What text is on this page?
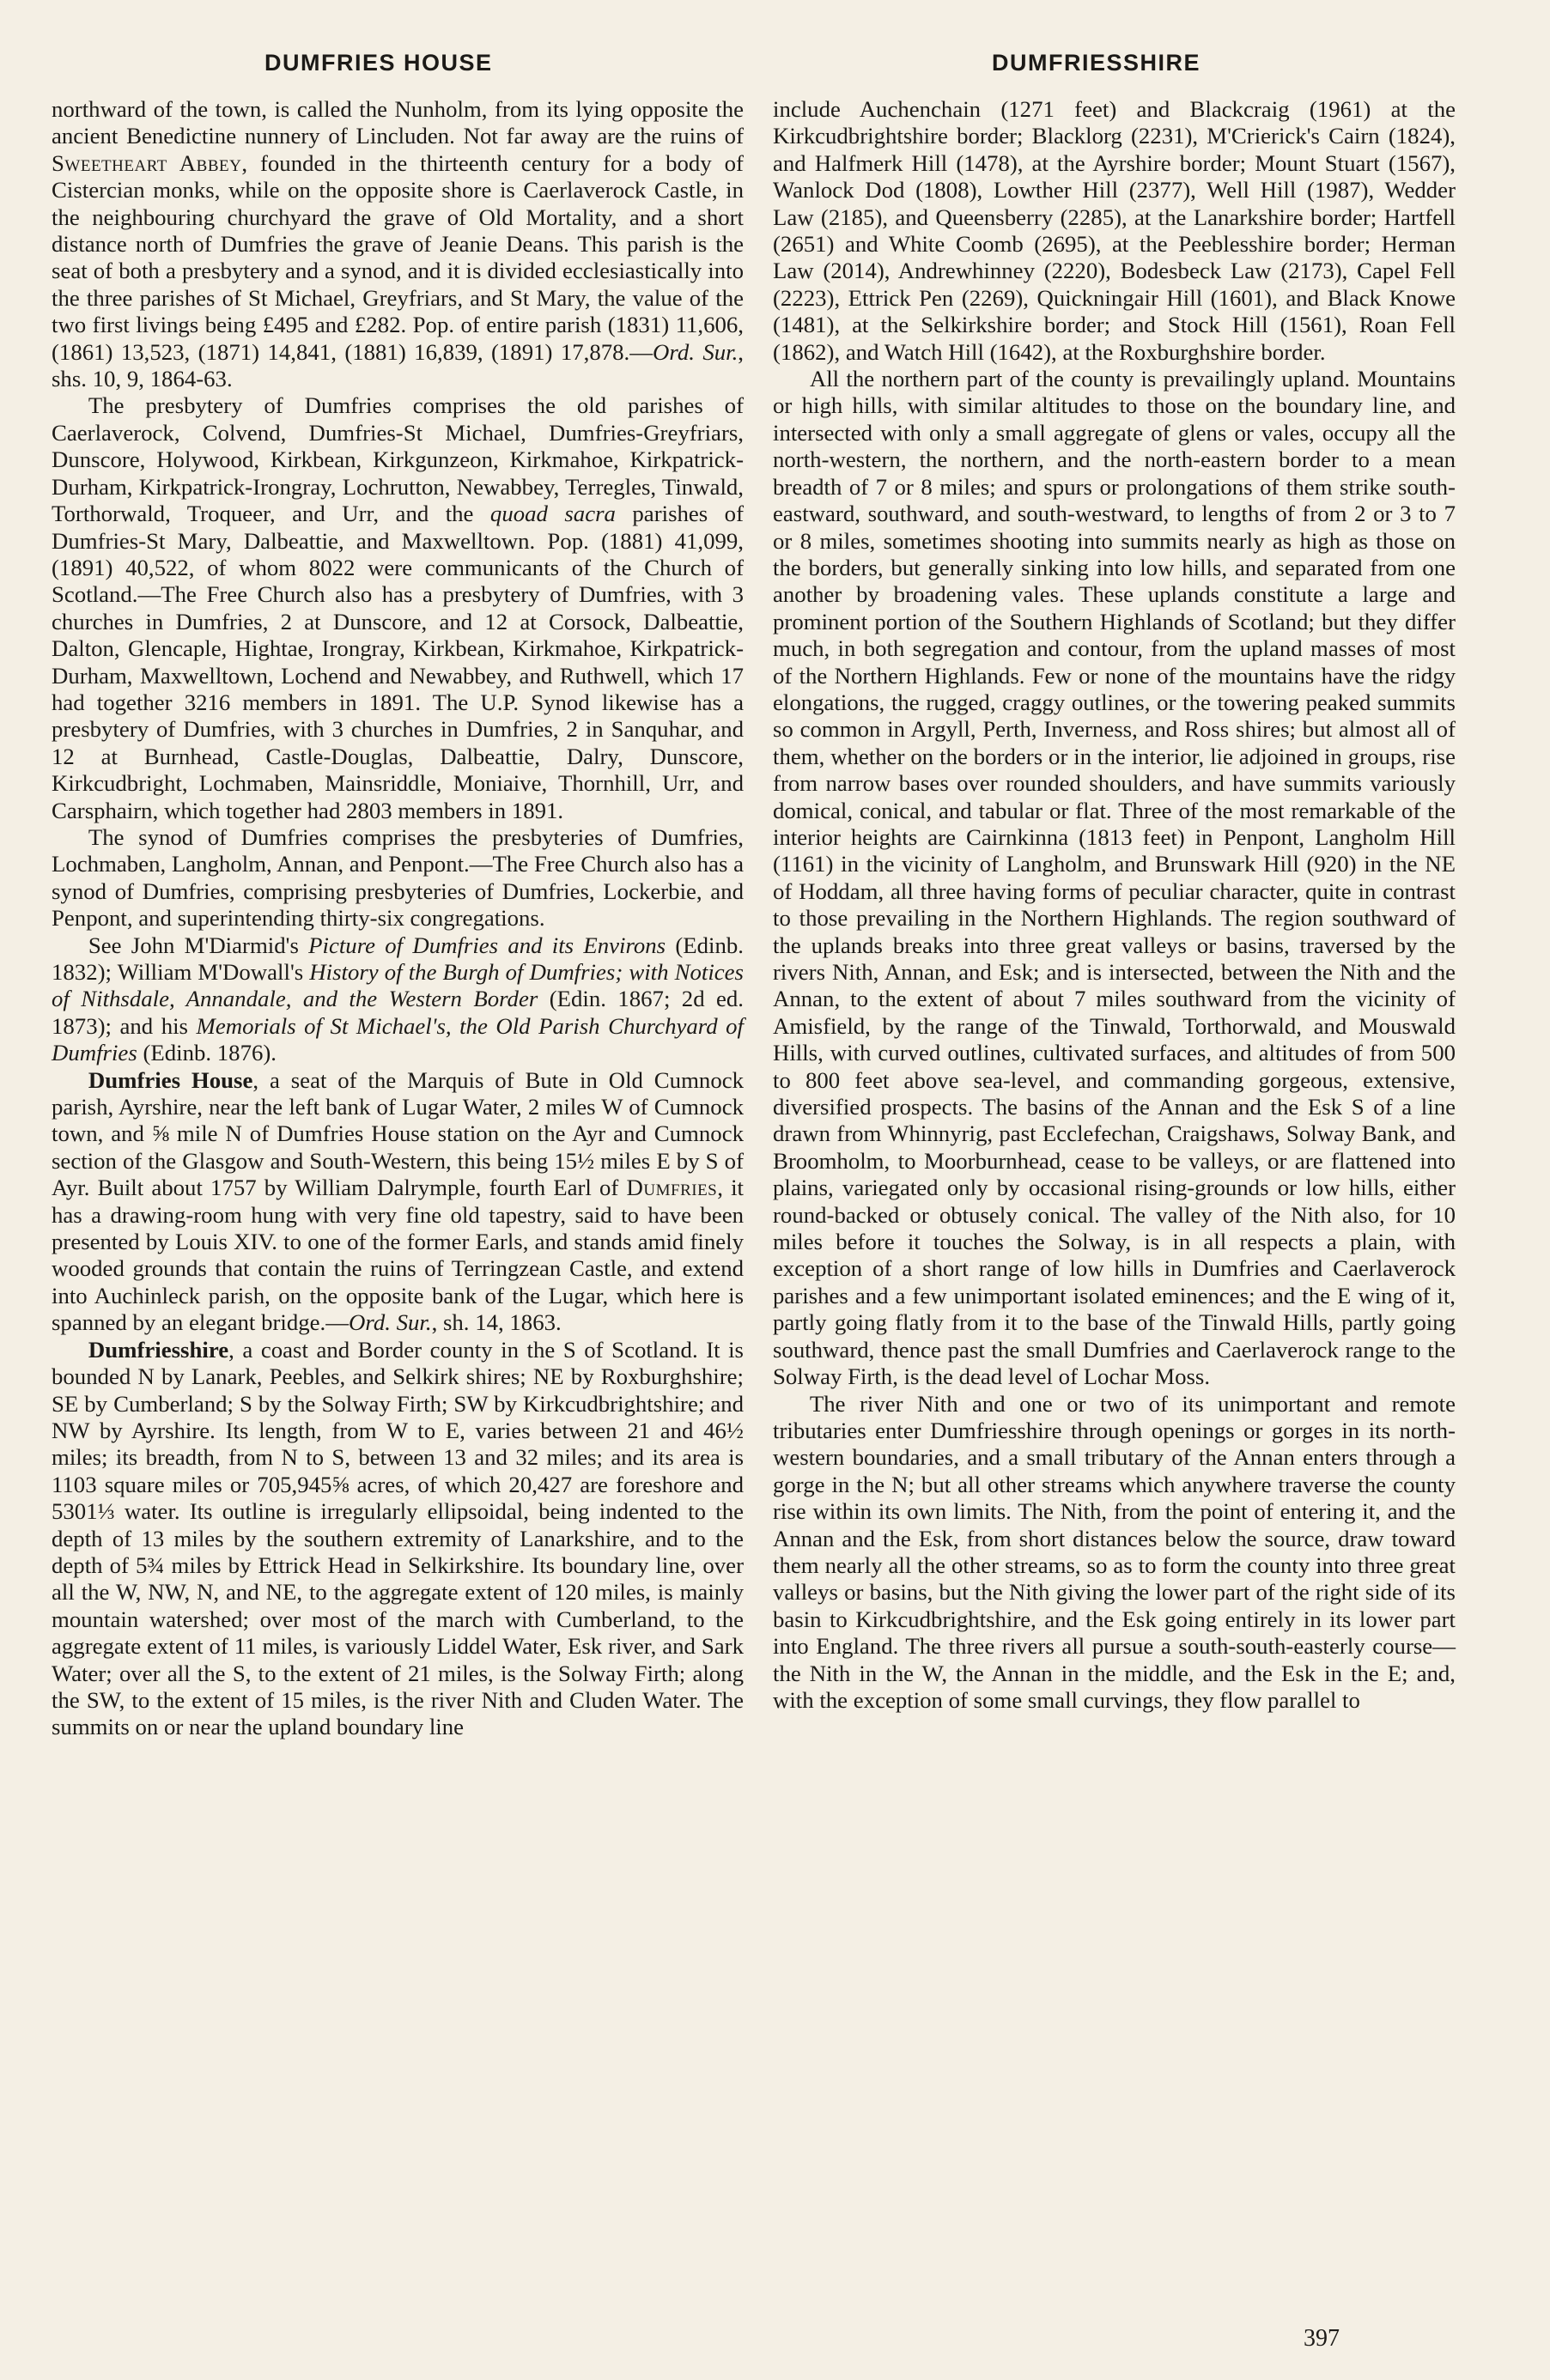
DUMFRIES HOUSE	DUMFRIESSHIRE

northward of the town, is called the Nunholm, from its lying opposite the ancient Benedictine nunnery of Lincluden. Not far away are the ruins of Sweetheart Abbey, founded in the thirteenth century for a body of Cistercian monks, while on the opposite shore is Caerlaverock Castle, in the neighbouring churchyard the grave of Old Mortality, and a short distance north of Dumfries the grave of Jeanie Deans. This parish is the seat of both a presbytery and a synod, and it is divided ecclesiastically into the three parishes of St Michael, Greyfriars, and St Mary, the value of the two first livings being £495 and £282. Pop. of entire parish (1831) 11,606, (1861) 13,523, (1871) 14,841, (1881) 16,839, (1891) 17,878.—Ord. Sur., shs. 10, 9, 1864-63.

The presbytery of Dumfries comprises the old parishes of Caerlaverock, Colvend, Dumfries-St Michael, Dumfries-Greyfriars, Dunscore, Holywood, Kirkbean, Kirkgunzeon, Kirkmahoe, Kirkpatrick-Durham, Kirkpatrick-Irongray, Lochrutton, Newabbey, Terregles, Tinwald, Torthorwald, Troqueer, and Urr, and the quoad sacra parishes of Dumfries-St Mary, Dalbeattie, and Maxwelltown. Pop. (1881) 41,099, (1891) 40,522, of whom 8022 were communicants of the Church of Scotland.—The Free Church also has a presbytery of Dumfries, with 3 churches in Dumfries, 2 at Dunscore, and 12 at Corsock, Dalbeattie, Dalton, Glencaple, Hightae, Irongray, Kirkbean, Kirkmahoe, Kirkpatrick-Durham, Maxwelltown, Lochend and Newabbey, and Ruthwell, which 17 had together 3216 members in 1891. The U.P. Synod likewise has a presbytery of Dumfries, with 3 churches in Dumfries, 2 in Sanquhar, and 12 at Burnhead, Castle-Douglas, Dalbeattie, Dalry, Dunscore, Kirkcudbright, Lochmaben, Mainsriddle, Moniaive, Thornhill, Urr, and Carsphairn, which together had 2803 members in 1891.

The synod of Dumfries comprises the presbyteries of Dumfries, Lochmaben, Langholm, Annan, and Penpont.—The Free Church also has a synod of Dumfries, comprising presbyteries of Dumfries, Lockerbie, and Penpont, and superintending thirty-six congregations.

See John M'Diarmid's Picture of Dumfries and its Environs (Edinb. 1832); William M'Dowall's History of the Burgh of Dumfries; with Notices of Nithsdale, Annandale, and the Western Border (Edin. 1867; 2d ed. 1873); and his Memorials of St Michael's, the Old Parish Churchyard of Dumfries (Edinb. 1876).

Dumfries House, a seat of the Marquis of Bute in Old Cumnock parish, Ayrshire, near the left bank of Lugar Water, 2 miles W of Cumnock town, and ⅝ mile N of Dumfries House station on the Ayr and Cumnock section of the Glasgow and South-Western, this being 15½ miles E by S of Ayr. Built about 1757 by William Dalrymple, fourth Earl of Dumfries, it has a drawing-room hung with very fine old tapestry, said to have been presented by Louis XIV. to one of the former Earls, and stands amid finely wooded grounds that contain the ruins of Terringzean Castle, and extend into Auchinleck parish, on the opposite bank of the Lugar, which here is spanned by an elegant bridge.—Ord. Sur., sh. 14, 1863.

Dumfriesshire, a coast and Border county in the S of Scotland. It is bounded N by Lanark, Peebles, and Selkirk shires; NE by Roxburghshire; SE by Cumberland; S by the Solway Firth; SW by Kirkcudbrightshire; and NW by Ayrshire. Its length, from W to E, varies between 21 and 46½ miles; its breadth, from N to S, between 13 and 32 miles; and its area is 1103 square miles or 705,945⅝ acres, of which 20,427 are foreshore and 5301⅓ water. Its outline is irregularly ellipsoidal, being indented to the depth of 13 miles by the southern extremity of Lanarkshire, and to the depth of 5¾ miles by Ettrick Head in Selkirkshire. Its boundary line, over all the W, NW, N, and NE, to the aggregate extent of 120 miles, is mainly mountain watershed; over most of the march with Cumberland, to the aggregate extent of 11 miles, is variously Liddel Water, Esk river, and Sark Water; over all the S, to the extent of 21 miles, is the Solway Firth; along the SW, to the extent of 15 miles, is the river Nith and Cluden Water. The summits on or near the upland boundary line

include Auchenchain (1271 feet) and Blackcraig (1961) at the Kirkcudbrightshire border; Blacklorg (2231), M'Crierick's Cairn (1824), and Halfmerk Hill (1478), at the Ayrshire border; Mount Stuart (1567), Wanlock Dod (1808), Lowther Hill (2377), Well Hill (1987), Wedder Law (2185), and Queensberry (2285), at the Lanarkshire border; Hartfell (2651) and White Coomb (2695), at the Peeblesshire border; Herman Law (2014), Andrewhinney (2220), Bodesbeck Law (2173), Capel Fell (2223), Ettrick Pen (2269), Quickningair Hill (1601), and Black Knowe (1481), at the Selkirkshire border; and Stock Hill (1561), Roan Fell (1862), and Watch Hill (1642), at the Roxburghshire border.

All the northern part of the county is prevailingly upland. Mountains or high hills, with similar altitudes to those on the boundary line, and intersected with only a small aggregate of glens or vales, occupy all the north-western, the northern, and the north-eastern border to a mean breadth of 7 or 8 miles; and spurs or prolongations of them strike south-eastward, southward, and south-westward, to lengths of from 2 or 3 to 7 or 8 miles, sometimes shooting into summits nearly as high as those on the borders, but generally sinking into low hills, and separated from one another by broadening vales. These uplands constitute a large and prominent portion of the Southern Highlands of Scotland; but they differ much, in both segregation and contour, from the upland masses of most of the Northern Highlands. Few or none of the mountains have the ridgy elongations, the rugged, craggy outlines, or the towering peaked summits so common in Argyll, Perth, Inverness, and Ross shires; but almost all of them, whether on the borders or in the interior, lie adjoined in groups, rise from narrow bases over rounded shoulders, and have summits variously domical, conical, and tabular or flat. Three of the most remarkable of the interior heights are Cairnkinna (1813 feet) in Penpont, Langholm Hill (1161) in the vicinity of Langholm, and Brunswark Hill (920) in the NE of Hoddam, all three having forms of peculiar character, quite in contrast to those prevailing in the Northern Highlands. The region southward of the uplands breaks into three great valleys or basins, traversed by the rivers Nith, Annan, and Esk; and is intersected, between the Nith and the Annan, to the extent of about 7 miles southward from the vicinity of Amisfield, by the range of the Tinwald, Torthorwald, and Mouswald Hills, with curved outlines, cultivated surfaces, and altitudes of from 500 to 800 feet above sea-level, and commanding gorgeous, extensive, diversified prospects. The basins of the Annan and the Esk S of a line drawn from Whinnyrig, past Ecclefechan, Craigshaws, Solway Bank, and Broomholm, to Moorburnhead, cease to be valleys, or are flattened into plains, variegated only by occasional rising-grounds or low hills, either round-backed or obtusely conical. The valley of the Nith also, for 10 miles before it touches the Solway, is in all respects a plain, with exception of a short range of low hills in Dumfries and Caerlaverock parishes and a few unimportant isolated eminences; and the E wing of it, partly going flatly from it to the base of the Tinwald Hills, partly going southward, thence past the small Dumfries and Caerlaverock range to the Solway Firth, is the dead level of Lochar Moss.

The river Nith and one or two of its unimportant and remote tributaries enter Dumfriesshire through openings or gorges in its north-western boundaries, and a small tributary of the Annan enters through a gorge in the N; but all other streams which anywhere traverse the county rise within its own limits. The Nith, from the point of entering it, and the Annan and the Esk, from short distances below the source, draw toward them nearly all the other streams, so as to form the county into three great valleys or basins, but the Nith giving the lower part of the right side of its basin to Kirkcudbrightshire, and the Esk going entirely in its lower part into England. The three rivers all pursue a south-south-easterly course—the Nith in the W, the Annan in the middle, and the Esk in the E; and, with the exception of some small curvings, they flow parallel to

397
